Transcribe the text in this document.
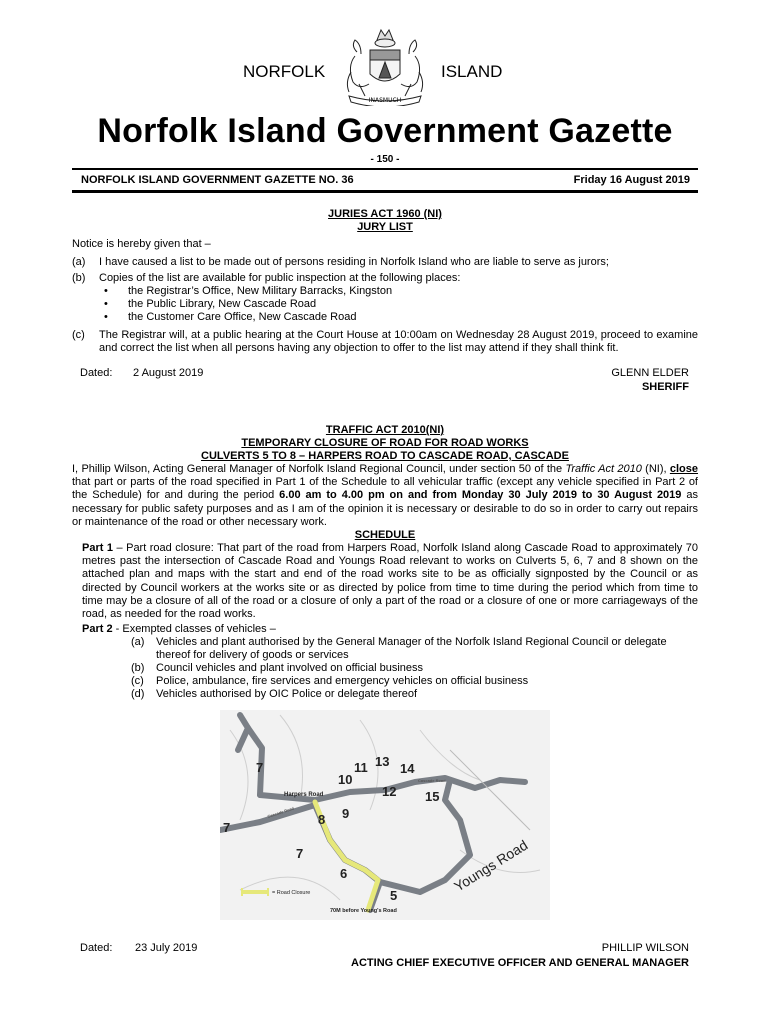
NORFOLK	ISLAND
INASMUCH
Norfolk Island Government Gazette
- 150 -
NORFOLK ISLAND GOVERNMENT GAZETTE NO. 36	Friday 16 August 2019
JURIES ACT 1960 (NI)
JURY LIST
Notice is hereby given that –
(a) I have caused a list to be made out of persons residing in Norfolk Island who are liable to serve as jurors;
(b) Copies of the list are available for public inspection at the following places:
• the Registrar’s Office, New Military Barracks, Kingston
• the Public Library, New Cascade Road
• the Customer Care Office, New Cascade Road
(c) The Registrar will, at a public hearing at the Court House at 10:00am on Wednesday 28 August 2019, proceed to examine and correct the list when all persons having any objection to offer to the list may attend if they shall think fit.
Dated: 2 August 2019	GLENN ELDER
SHERIFF
TRAFFIC ACT 2010(NI)
TEMPORARY CLOSURE OF ROAD FOR ROAD WORKS
CULVERTS 5 TO 8 – HARPERS ROAD TO CASCADE ROAD, CASCADE
I, Phillip Wilson, Acting General Manager of Norfolk Island Regional Council, under section 50 of the Traffic Act 2010 (NI), close that part or parts of the road specified in Part 1 of the Schedule to all vehicular traffic (except any vehicle specified in Part 2 of the Schedule) for and during the period 6.00 am to 4.00 pm on and from Monday 30 July 2019 to 30 August 2019 as necessary for public safety purposes and as I am of the opinion it is necessary or desirable to do so in order to carry out repairs or maintenance of the road or other necessary work.
SCHEDULE
Part 1 – Part road closure: That part of the road from Harpers Road, Norfolk Island along Cascade Road to approximately 70 metres past the intersection of Cascade Road and Youngs Road relevant to works on Culverts 5, 6, 7 and 8 shown on the attached plan and maps with the start and end of the road works site to be as officially signposted by the Council or as directed by Council workers at the works site or as directed by police from time to time during the period which from time to time may be a closure of all of the road or a closure of only a part of the road or a closure of one or more carriageways of the road, as needed for the road works.
Part 2 - Exempted classes of vehicles –
(a) Vehicles and plant authorised by the General Manager of the Norfolk Island Regional Council or delegate thereof for delivery of goods or services
(b) Council vehicles and plant involved on official business
(c) Police, ambulance, fire services and emergency vehicles on official business
(d) Vehicles authorised by OIC Police or delegate thereof
7
10
11 13 14
12 15
8 9
7
7
6
5
Harpers Road
Cascade Road
Cascade Road
Youngs Road
= Road Closure
70M before Young's Road
Dated: 23 July 2019	PHILLIP WILSON
ACTING CHIEF EXECUTIVE OFFICER AND GENERAL MANAGER
